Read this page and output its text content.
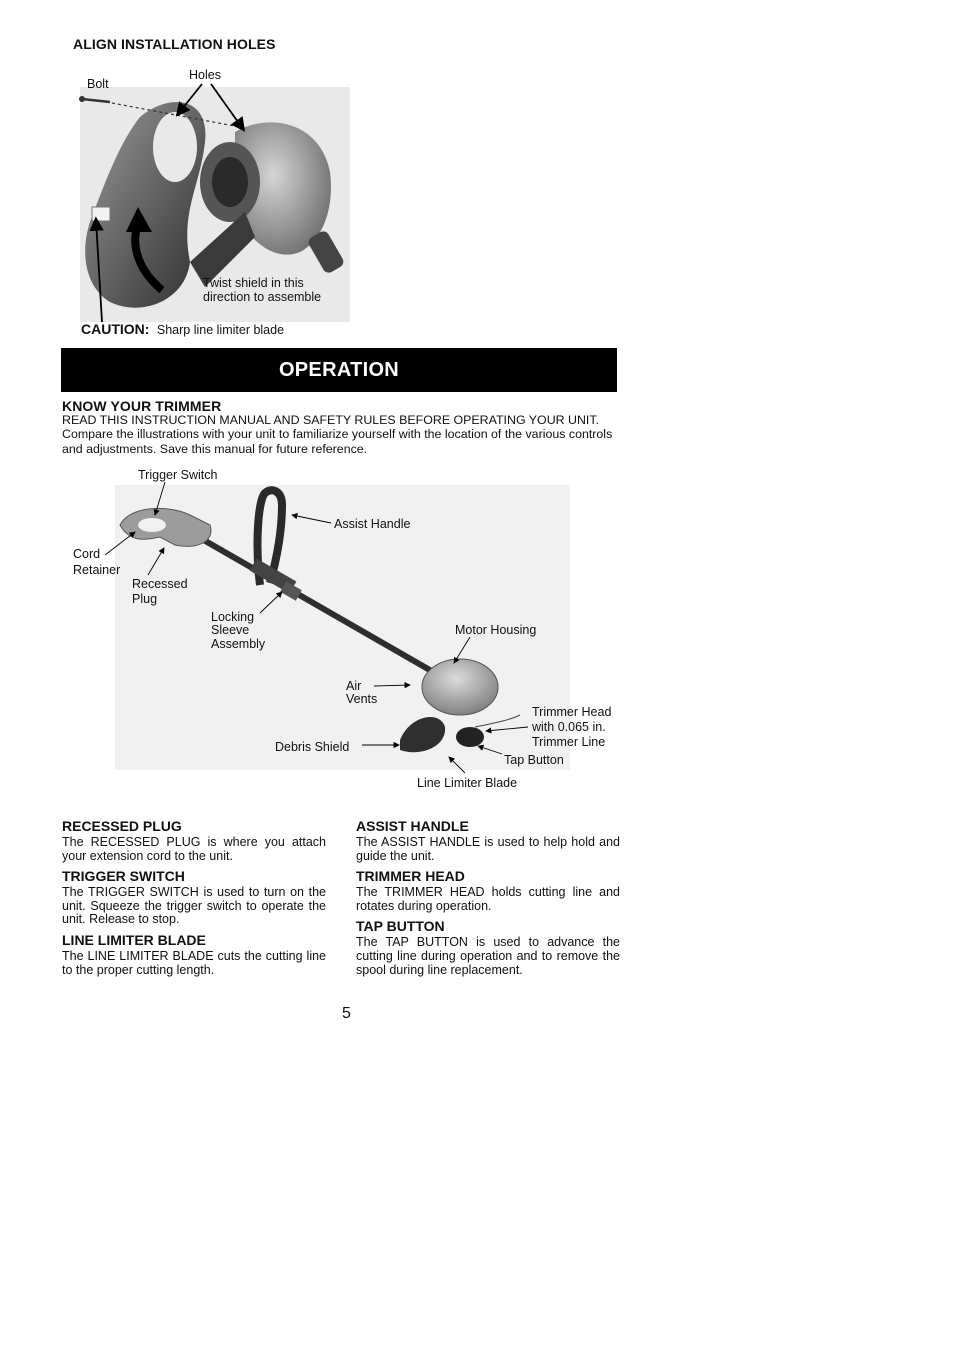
ALIGN INSTALLATION HOLES
Bolt
Holes
Twist shield in this
direction to assemble
CAUTION: Sharp line limiter blade
OPERATION
KNOW YOUR TRIMMER
READ THIS INSTRUCTION MANUAL AND SAFETY RULES BEFORE OPERATING YOUR UNIT. Compare the illustrations with your unit to familiarize yourself with the location of the various controls and adjustments. Save this manual for future reference.
Trigger Switch
Assist Handle
Cord
Retainer
Recessed
Plug
Locking
Sleeve
Assembly
Motor Housing
Air
Vents
Trimmer Head
with 0.065 in.
Trimmer Line
Debris Shield
Tap Button
Line Limiter Blade
RECESSED PLUG
The RECESSED PLUG is where you attach your extension cord to the unit.
TRIGGER SWITCH
The TRIGGER SWITCH is used to turn on the unit. Squeeze the trigger switch to operate the unit. Release to stop.
LINE LIMITER BLADE
The LINE LIMITER BLADE cuts the cutting line to the proper cutting length.
ASSIST HANDLE
The ASSIST HANDLE is used to help hold and guide the unit.
TRIMMER HEAD
The TRIMMER HEAD holds cutting line and rotates during operation.
TAP BUTTON
The TAP BUTTON is used to advance the cutting line during operation and to remove the spool during line replacement.
5
